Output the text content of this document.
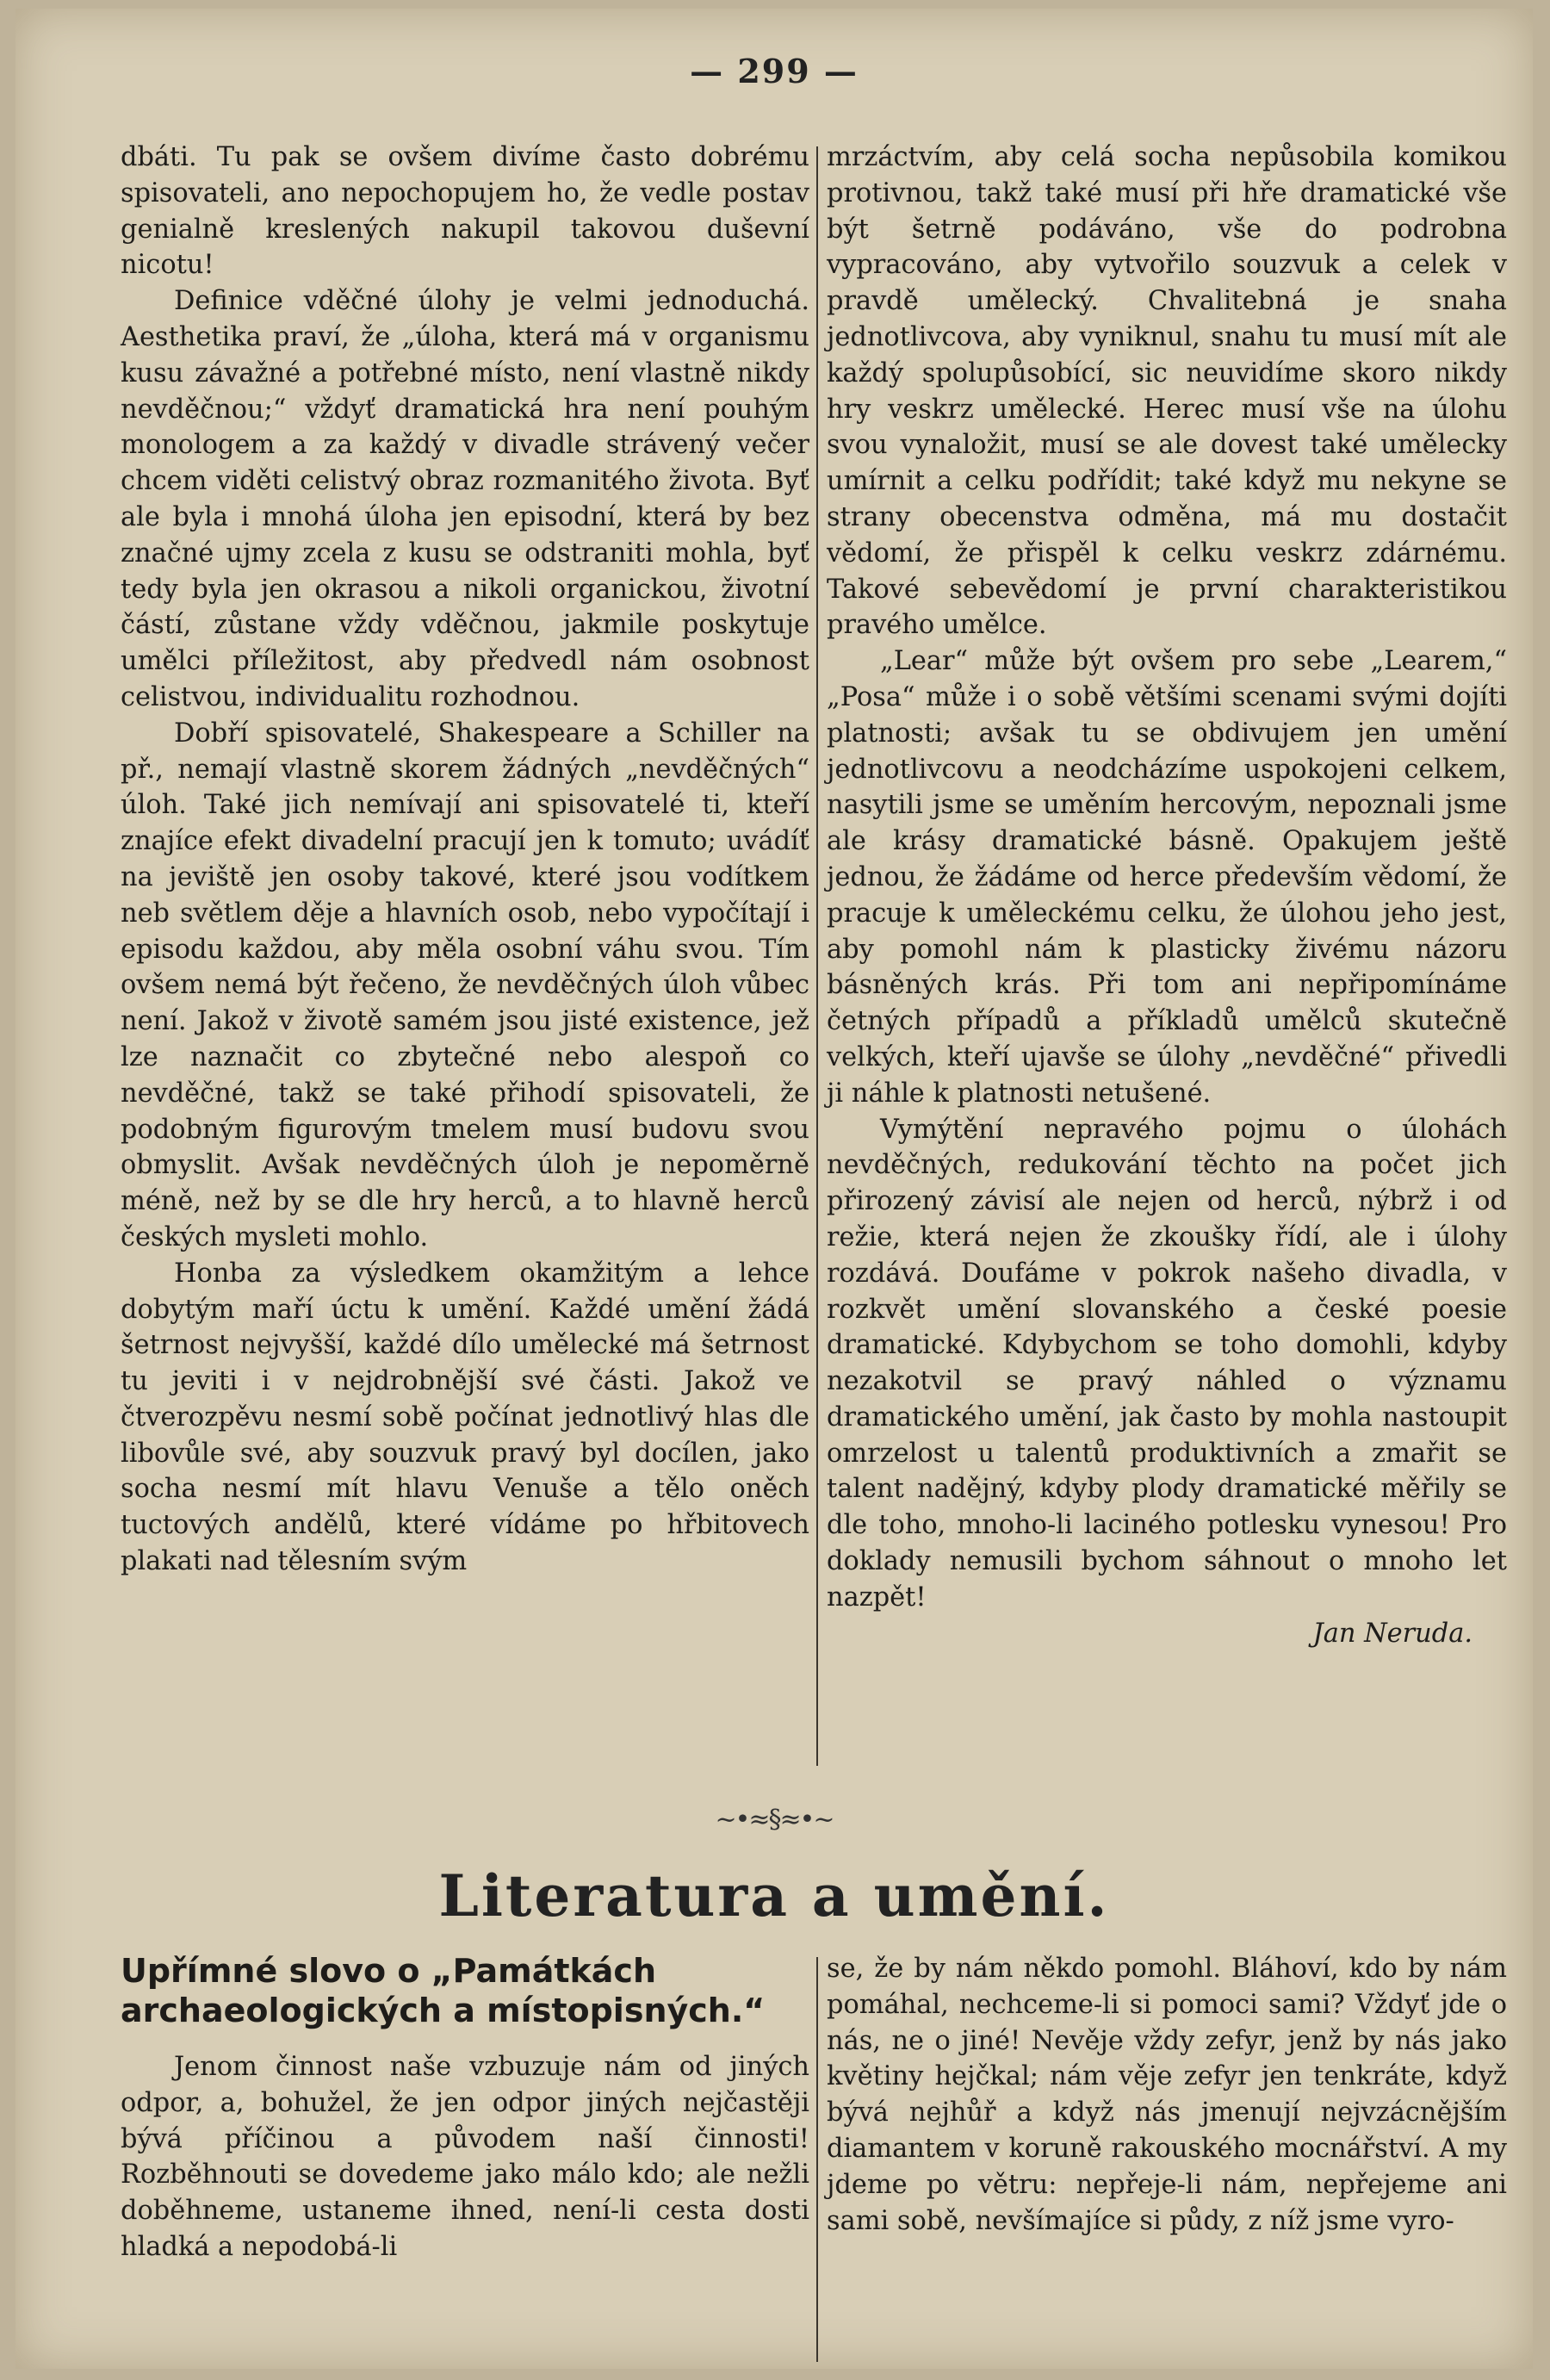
— 299 —

dbáti. Tu pak se ovšem divíme často dobrému spisovateli, ano nepochopujem ho, že vedle postav genialně kreslených nakupil takovou duševní nicotu!

Definice vděčné úlohy je velmi jednoduchá. Aesthetika praví, že „úloha, která má v organismu kusu závažné a potřebné místo, není vlastně nikdy nevděčnou;“ vždyť dramatická hra není pouhým monologem a za každý v divadle strávený večer chcem viděti celistvý obraz rozmanitého života. Byť ale byla i mnohá úloha jen episodní, která by bez značné ujmy zcela z kusu se odstraniti mohla, byť tedy byla jen okrasou a nikoli organickou, životní částí, zůstane vždy vděčnou, jakmile poskytuje umělci příležitost, aby předvedl nám osobnost celistvou, individualitu rozhodnou.

Dobří spisovatelé, Shakespeare a Schiller na př., nemají vlastně skorem žádných „nevděčných“ úloh. Také jich nemívají ani spisovatelé ti, kteří znajíce efekt divadelní pracují jen k tomuto; uvádíť na jeviště jen osoby takové, které jsou vodítkem neb světlem děje a hlavních osob, nebo vypočítají i episodu každou, aby měla osobní váhu svou. Tím ovšem nemá být řečeno, že nevděčných úloh vůbec není. Jakož v životě samém jsou jisté existence, jež lze naznačit co zbytečné nebo alespoň co nevděčné, takž se také přihodí spisovateli, že podobným figurovým tmelem musí budovu svou obmyslit. Avšak nevděčných úloh je nepoměrně méně, než by se dle hry herců, a to hlavně herců českých mysleti mohlo.

Honba za výsledkem okamžitým a lehce dobytým maří úctu k umění. Každé umění žádá šetrnost nejvyšší, každé dílo umělecké má šetrnost tu jeviti i v nejdrobnější své části. Jakož ve čtverozpěvu nesmí sobě počínat jednotlivý hlas dle libovůle své, aby souzvuk pravý byl docílen, jako socha nesmí mít hlavu Venuše a tělo oněch tuctových andělů, které vídáme po hřbitovech plakati nad tělesním svým

mrzáctvím, aby celá socha nepůsobila komikou protivnou, takž také musí při hře dramatické vše být šetrně podáváno, vše do podrobna vypracováno, aby vytvořilo souzvuk a celek v pravdě umělecký. Chvalitebná je snaha jednotlivcova, aby vyniknul, snahu tu musí mít ale každý spolupůsobící, sic neuvidíme skoro nikdy hry veskrz umělecké. Herec musí vše na úlohu svou vynaložit, musí se ale dovest také umělecky umírnit a celku podřídit; také když mu nekyne se strany obecenstva odměna, má mu dostačit vědomí, že přispěl k celku veskrz zdárnému. Takové sebevědomí je první charakteristikou pravého umělce.

„Lear“ může být ovšem pro sebe „Learem,“ „Posa“ může i o sobě většími scenami svými dojíti platnosti; avšak tu se obdivujem jen umění jednotlivcovu a neodcházíme uspokojeni celkem, nasytili jsme se uměním hercovým, nepoznali jsme ale krásy dramatické básně. Opakujem ještě jednou, že žádáme od herce především vědomí, že pracuje k uměleckému celku, že úlohou jeho jest, aby pomohl nám k plasticky živému názoru básněných krás. Při tom ani nepřipomínáme četných případů a příkladů umělců skutečně velkých, kteří ujavše se úlohy „nevděčné“ přivedli ji náhle k platnosti netušené.

Vymýtění nepravého pojmu o úlohách nevděčných, redukování těchto na počet jich přirozený závisí ale nejen od herců, nýbrž i od režie, která nejen že zkoušky řídí, ale i úlohy rozdává. Doufáme v pokrok našeho divadla, v rozkvět umění slovanského a české poesie dramatické. Kdybychom se toho domohli, kdyby nezakotvil se pravý náhled o významu dramatického umění, jak často by mohla nastoupit omrzelost u talentů produktivních a zmařit se talent nadějný, kdyby plody dramatické měřily se dle toho, mnoho-li laciného potlesku vynesou! Pro doklady nemusili bychom sáhnout o mnoho let nazpět!

Jan Neruda.

~•≈§≈•~
Literatura a umění.
Upřímné slovo o „Památkách archaeologických a místopisných.“

Jenom činnost naše vzbuzuje nám od jiných odpor, a, bohužel, že jen odpor jiných nejčastěji bývá příčinou a původem naší činnosti! Rozběhnouti se dovedeme jako málo kdo; ale nežli doběhneme, ustaneme ihned, není-li cesta dosti hladká a nepodobá-li

se, že by nám někdo pomohl. Bláhoví, kdo by nám pomáhal, nechceme-li si pomoci sami? Vždyť jde o nás, ne o jiné! Nevěje vždy zefyr, jenž by nás jako květiny hejčkal; nám věje zefyr jen tenkráte, když bývá nejhůř a když nás jmenují nejvzácnějším diamantem v koruně rakouského mocnářství. A my jdeme po větru: nepřeje-li nám, nepřejeme ani sami sobě, nevšímajíce si půdy, z níž jsme vyro-
